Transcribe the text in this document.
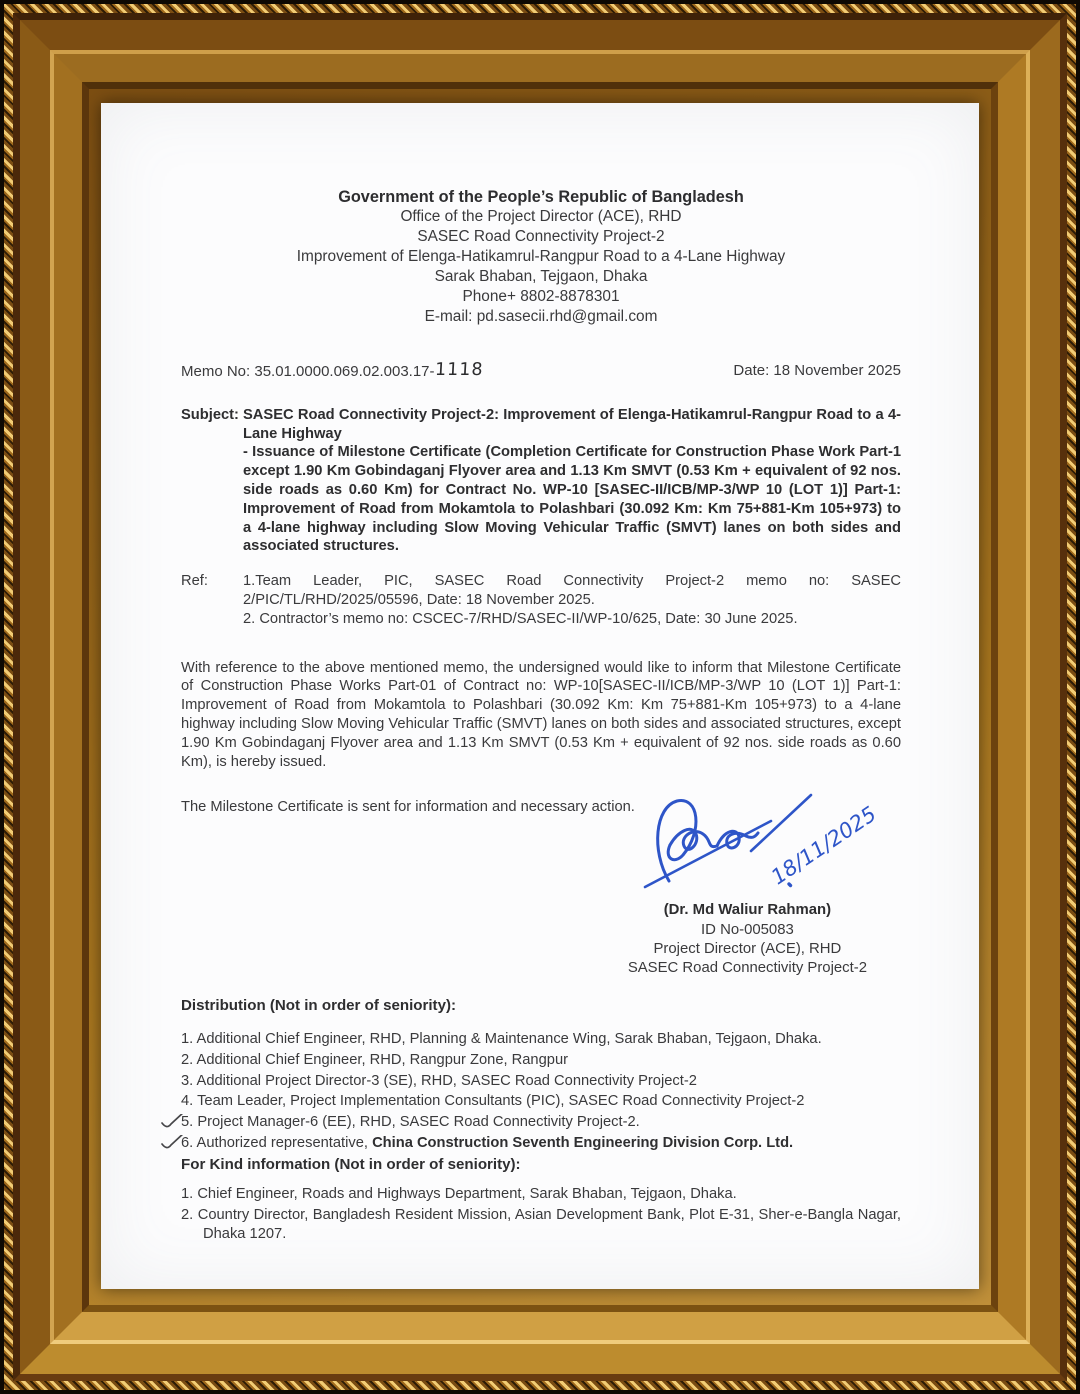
Government of the People’s Republic of Bangladesh
Office of the Project Director (ACE), RHD
SASEC Road Connectivity Project-2
Improvement of Elenga-Hatikamrul-Rangpur Road to a 4-Lane Highway
Sarak Bhaban, Tejgaon, Dhaka
Phone+ 8802-8878301
E-mail: pd.sasecii.rhd@gmail.com
Memo No: 35.01.0000.069.02.003.17-1118	Date: 18 November 2025
Subject: SASEC Road Connectivity Project-2: Improvement of Elenga-Hatikamrul-Rangpur Road to a 4-Lane Highway
- Issuance of Milestone Certificate (Completion Certificate for Construction Phase Work Part-1 except 1.90 Km Gobindaganj Flyover area and 1.13 Km SMVT (0.53 Km + equivalent of 92 nos. side roads as 0.60 Km) for Contract No. WP-10 [SASEC-II/ICB/MP-3/WP 10 (LOT 1)] Part-1: Improvement of Road from Mokamtola to Polashbari (30.092 Km: Km 75+881-Km 105+973) to a 4-lane highway including Slow Moving Vehicular Traffic (SMVT) lanes on both sides and associated structures.
Ref:	1.Team Leader, PIC, SASEC Road Connectivity Project-2 memo no: SASEC 2/PIC/TL/RHD/2025/05596, Date: 18 November 2025.
2. Contractor’s memo no: CSCEC-7/RHD/SASEC-II/WP-10/625, Date: 30 June 2025.

With reference to the above mentioned memo, the undersigned would like to inform that Milestone Certificate of Construction Phase Works Part-01 of Contract no: WP-10[SASEC-II/ICB/MP-3/WP 10 (LOT 1)] Part-1: Improvement of Road from Mokamtola to Polashbari (30.092 Km: Km 75+881-Km 105+973) to a 4-lane highway including Slow Moving Vehicular Traffic (SMVT) lanes on both sides and associated structures, except 1.90 Km Gobindaganj Flyover area and 1.13 Km SMVT (0.53 Km + equivalent of 92 nos. side roads as 0.60 Km), is hereby issued.

The Milestone Certificate is sent for information and necessary action.	18/11/2025
(Dr. Md Waliur Rahman)
ID No-005083
Project Director (ACE), RHD
SASEC Road Connectivity Project-2
Distribution (Not in order of seniority):
1. Additional Chief Engineer, RHD, Planning & Maintenance Wing, Sarak Bhaban, Tejgaon, Dhaka.
2. Additional Chief Engineer, RHD, Rangpur Zone, Rangpur
3. Additional Project Director-3 (SE), RHD, SASEC Road Connectivity Project-2
4. Team Leader, Project Implementation Consultants (PIC), SASEC Road Connectivity Project-2
5. Project Manager-6 (EE), RHD, SASEC Road Connectivity Project-2.
6. Authorized representative, China Construction Seventh Engineering Division Corp. Ltd.
For Kind information (Not in order of seniority):
1. Chief Engineer, Roads and Highways Department, Sarak Bhaban, Tejgaon, Dhaka.
2. Country Director, Bangladesh Resident Mission, Asian Development Bank, Plot E-31, Sher-e-Bangla Nagar, Dhaka 1207.
